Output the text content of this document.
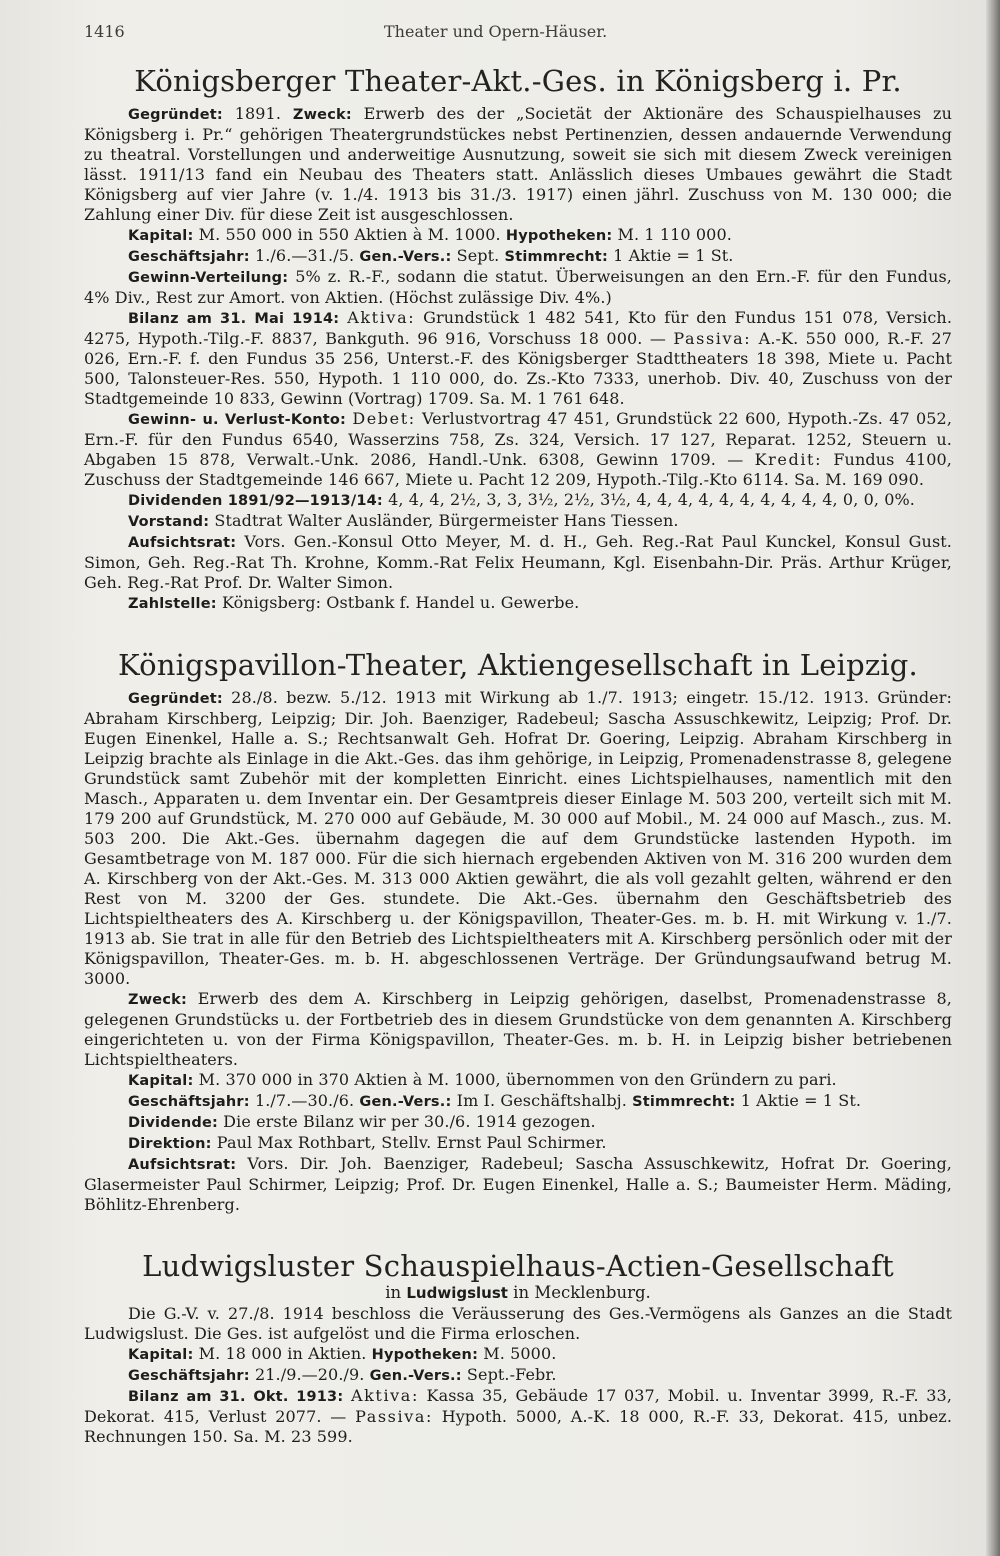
1416	Theater und Opern-Häuser.
Königsberger Theater-Akt.-Ges. in Königsberg i. Pr.

Gegründet: 1891. Zweck: Erwerb des der „Societät der Aktionäre des Schauspielhauses zu Königsberg i. Pr.“ gehörigen Theatergrundstückes nebst Pertinenzien, dessen andauernde Verwendung zu theatral. Vorstellungen und anderweitige Ausnutzung, soweit sie sich mit diesem Zweck vereinigen lässt. 1911/13 fand ein Neubau des Theaters statt. Anlässlich dieses Umbaues gewährt die Stadt Königsberg auf vier Jahre (v. 1./4. 1913 bis 31./3. 1917) einen jährl. Zuschuss von M. 130 000; die Zahlung einer Div. für diese Zeit ist ausgeschlossen.

Kapital: M. 550 000 in 550 Aktien à M. 1000. Hypotheken: M. 1 110 000.

Geschäftsjahr: 1./6.—31./5. Gen.-Vers.: Sept. Stimmrecht: 1 Aktie = 1 St.

Gewinn-Verteilung: 5% z. R.-F., sodann die statut. Überweisungen an den Ern.-F. für den Fundus, 4% Div., Rest zur Amort. von Aktien. (Höchst zulässige Div. 4%.)

Bilanz am 31. Mai 1914: Aktiva: Grundstück 1 482 541, Kto für den Fundus 151 078, Versich. 4275, Hypoth.-Tilg.-F. 8837, Bankguth. 96 916, Vorschuss 18 000. — Passiva: A.-K. 550 000, R.-F. 27 026, Ern.-F. f. den Fundus 35 256, Unterst.-F. des Königsberger Stadttheaters 18 398, Miete u. Pacht 500, Talonsteuer-Res. 550, Hypoth. 1 110 000, do. Zs.-Kto 7333, unerhob. Div. 40, Zuschuss von der Stadtgemeinde 10 833, Gewinn (Vortrag) 1709. Sa. M. 1 761 648.

Gewinn- u. Verlust-Konto: Debet: Verlustvortrag 47 451, Grundstück 22 600, Hypoth.-Zs. 47 052, Ern.-F. für den Fundus 6540, Wasserzins 758, Zs. 324, Versich. 17 127, Reparat. 1252, Steuern u. Abgaben 15 878, Verwalt.-Unk. 2086, Handl.-Unk. 6308, Gewinn 1709. — Kredit: Fundus 4100, Zuschuss der Stadtgemeinde 146 667, Miete u. Pacht 12 209, Hypoth.-Tilg.-Kto 6114. Sa. M. 169 090.

Dividenden 1891/92—1913/14: 4, 4, 4, 2½, 3, 3, 3½, 2½, 3½, 4, 4, 4, 4, 4, 4, 4, 4, 4, 4, 0, 0, 0%.

Vorstand: Stadtrat Walter Ausländer, Bürgermeister Hans Tiessen.

Aufsichtsrat: Vors. Gen.-Konsul Otto Meyer, M. d. H., Geh. Reg.-Rat Paul Kunckel, Konsul Gust. Simon, Geh. Reg.-Rat Th. Krohne, Komm.-Rat Felix Heumann, Kgl. Eisenbahn-Dir. Präs. Arthur Krüger, Geh. Reg.-Rat Prof. Dr. Walter Simon.

Zahlstelle: Königsberg: Ostbank f. Handel u. Gewerbe.

Königspavillon-Theater, Aktiengesellschaft in Leipzig.

Gegründet: 28./8. bezw. 5./12. 1913 mit Wirkung ab 1./7. 1913; eingetr. 15./12. 1913. Gründer: Abraham Kirschberg, Leipzig; Dir. Joh. Baenziger, Radebeul; Sascha Assuschkewitz, Leipzig; Prof. Dr. Eugen Einenkel, Halle a. S.; Rechtsanwalt Geh. Hofrat Dr. Goering, Leipzig. Abraham Kirschberg in Leipzig brachte als Einlage in die Akt.-Ges. das ihm gehörige, in Leipzig, Promenadenstrasse 8, gelegene Grundstück samt Zubehör mit der kompletten Einricht. eines Lichtspielhauses, namentlich mit den Masch., Apparaten u. dem Inventar ein. Der Gesamtpreis dieser Einlage M. 503 200, verteilt sich mit M. 179 200 auf Grundstück, M. 270 000 auf Gebäude, M. 30 000 auf Mobil., M. 24 000 auf Masch., zus. M. 503 200. Die Akt.-Ges. übernahm dagegen die auf dem Grundstücke lastenden Hypoth. im Gesamtbetrage von M. 187 000. Für die sich hiernach ergebenden Aktiven von M. 316 200 wurden dem A. Kirschberg von der Akt.-Ges. M. 313 000 Aktien gewährt, die als voll gezahlt gelten, während er den Rest von M. 3200 der Ges. stundete. Die Akt.-Ges. übernahm den Geschäftsbetrieb des Lichtspieltheaters des A. Kirschberg u. der Königspavillon, Theater-Ges. m. b. H. mit Wirkung v. 1./7. 1913 ab. Sie trat in alle für den Betrieb des Lichtspieltheaters mit A. Kirschberg persönlich oder mit der Königspavillon, Theater-Ges. m. b. H. abgeschlossenen Verträge. Der Gründungsaufwand betrug M. 3000.

Zweck: Erwerb des dem A. Kirschberg in Leipzig gehörigen, daselbst, Promenadenstrasse 8, gelegenen Grundstücks u. der Fortbetrieb des in diesem Grundstücke von dem genannten A. Kirschberg eingerichteten u. von der Firma Königspavillon, Theater-Ges. m. b. H. in Leipzig bisher betriebenen Lichtspieltheaters.

Kapital: M. 370 000 in 370 Aktien à M. 1000, übernommen von den Gründern zu pari.

Geschäftsjahr: 1./7.—30./6. Gen.-Vers.: Im I. Geschäftshalbj. Stimmrecht: 1 Aktie = 1 St.

Dividende: Die erste Bilanz wir per 30./6. 1914 gezogen.

Direktion: Paul Max Rothbart, Stellv. Ernst Paul Schirmer.

Aufsichtsrat: Vors. Dir. Joh. Baenziger, Radebeul; Sascha Assuschkewitz, Hofrat Dr. Goering, Glasermeister Paul Schirmer, Leipzig; Prof. Dr. Eugen Einenkel, Halle a. S.; Baumeister Herm. Mäding, Böhlitz-Ehrenberg.

Ludwigsluster Schauspielhaus-Actien-Gesellschaft
in Ludwigslust in Mecklenburg.

Die G.-V. v. 27./8. 1914 beschloss die Veräusserung des Ges.-Vermögens als Ganzes an die Stadt Ludwigslust. Die Ges. ist aufgelöst und die Firma erloschen.

Kapital: M. 18 000 in Aktien. Hypotheken: M. 5000.

Geschäftsjahr: 21./9.—20./9. Gen.-Vers.: Sept.-Febr.

Bilanz am 31. Okt. 1913: Aktiva: Kassa 35, Gebäude 17 037, Mobil. u. Inventar 3999, R.-F. 33, Dekorat. 415, Verlust 2077. — Passiva: Hypoth. 5000, A.-K. 18 000, R.-F. 33, Dekorat. 415, unbez. Rechnungen 150. Sa. M. 23 599.
